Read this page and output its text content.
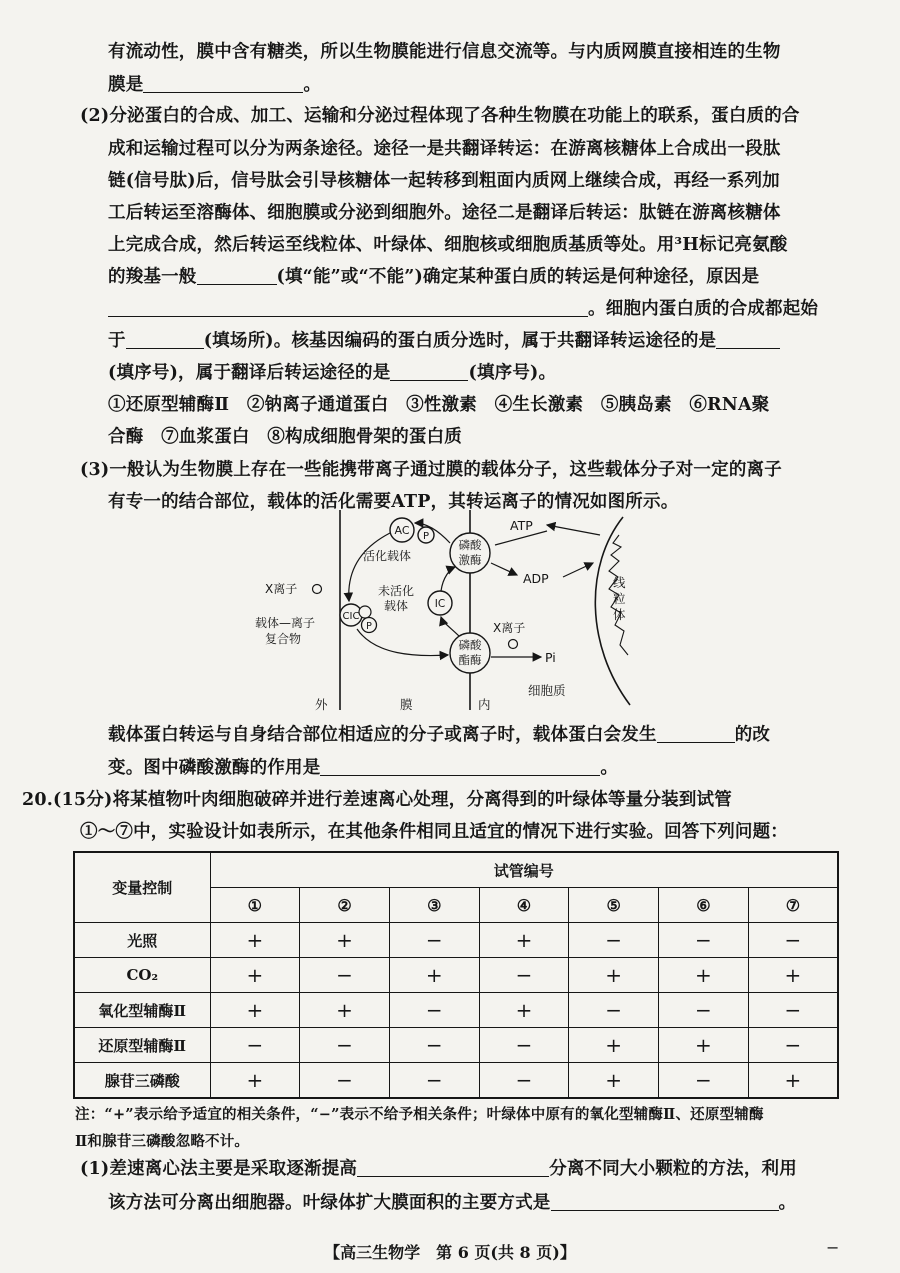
有流动性，膜中含有糖类，所以生物膜能进行信息交流等。与内质网膜直接相连的生物
膜是	。
(2)分泌蛋白的合成、加工、运输和分泌过程体现了各种生物膜在功能上的联系，蛋白质的合
成和运输过程可以分为两条途径。途径一是共翻译转运：在游离核糖体上合成出一段肽
链(信号肽)后，信号肽会引导核糖体一起转移到粗面内质网上继续合成，再经一系列加
工后转运至溶酶体、细胞膜或分泌到细胞外。途径二是翻译后转运：肽链在游离核糖体
上完成合成，然后转运至线粒体、叶绿体、细胞核或细胞质基质等处。用³H标记亮氨酸
的羧基一般	(填“能”或“不能”)确定某种蛋白质的转运是何种途径，原因是
。细胞内蛋白质的合成都起始
于	(填场所)。核基因编码的蛋白质分选时，属于共翻译转运途径的是
(填序号)，属于翻译后转运途径的是	(填序号)。
①还原型辅酶Ⅱ　②钠离子通道蛋白　③性激素　④生长激素　⑤胰岛素　⑥RNA聚
合酶　⑦血浆蛋白　⑧构成细胞骨架的蛋白质
(3)一般认为生物膜上存在一些能携带离子通过膜的载体分子，这些载体分子对一定的离子
有专一的结合部位，载体的活化需要ATP，其转运离子的情况如图所示。
AC P
活化载体
磷酸
激酶
ATP
ADP	线
粒
体
X离子
载体—离子
复合物
CIC
P
未活化
载体	IC
磷酸
酯酶
X离子
Pi
外	膜	内
细胞质
载体蛋白转运与自身结合部位相适应的分子或离子时，载体蛋白会发生	的改
变。图中磷酸激酶的作用是	。
20.(15分)将某植物叶肉细胞破碎并进行差速离心处理，分离得到的叶绿体等量分装到试管
①～⑦中，实验设计如表所示，在其他条件相同且适宜的情况下进行实验。回答下列问题：
变量控制	试管编号						
	①	②	③	④	⑤	⑥	⑦
光照	+	+	−	+	−	−	−
CO₂	+	−	+	−	+	+	+
氧化型辅酶Ⅱ	+	+	−	+	−	−	−
还原型辅酶Ⅱ	−	−	−	−	+	+	−
腺苷三磷酸	+	−	−	−	+	−	+
注：“+”表示给予适宜的相关条件，“−”表示不给予相关条件；叶绿体中原有的氧化型辅酶Ⅱ、还原型辅酶
Ⅱ和腺苷三磷酸忽略不计。
(1)差速离心法主要是采取逐渐提高	分离不同大小颗粒的方法，利用
该方法可分离出细胞器。叶绿体扩大膜面积的主要方式是	。
【高三生物学　第 6 页(共 8 页)】	−
